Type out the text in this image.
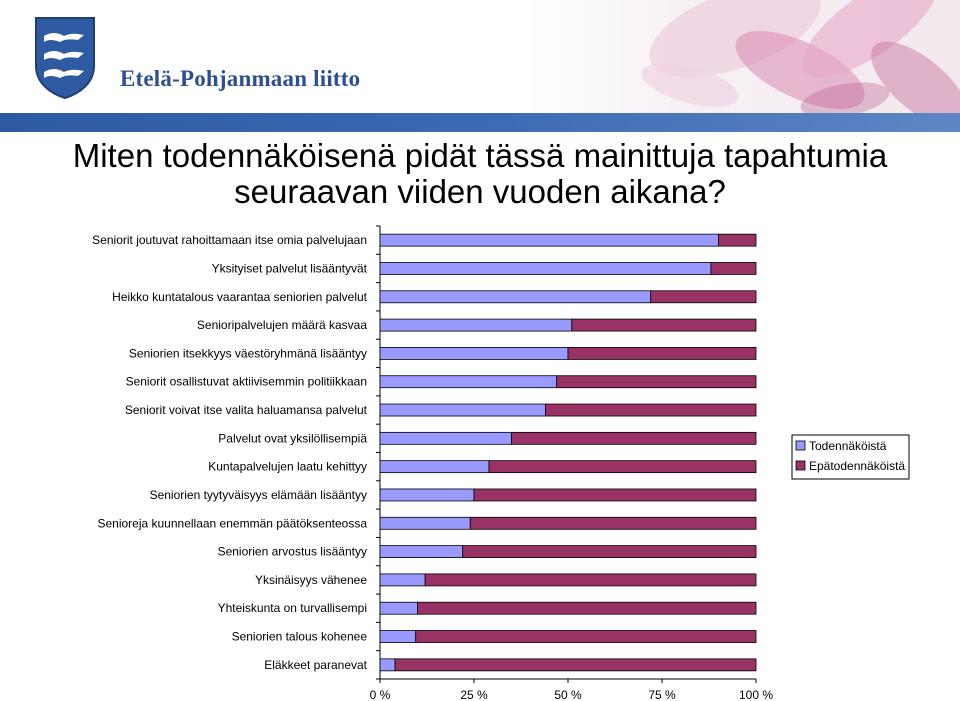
Etelä-Pohjanmaan liitto
Miten todennäköisenä pidät tässä mainittuja tapahtumia
seuraavan viiden vuoden aikana?
Seniorit joutuvat rahoittamaan itse omia palvelujaan
Yksityiset palvelut lisääntyvät
Heikko kuntatalous vaarantaa seniorien palvelut
Senioripalvelujen määrä kasvaa
Seniorien itsekkyys väestöryhmänä lisääntyy
Seniorit osallistuvat aktiivisemmin politiikkaan
Seniorit voivat itse valita haluamansa palvelut
Palvelut ovat yksilöllisempiä
Kuntapalvelujen laatu kehittyy
Seniorien tyytyväisyys elämään lisääntyy
Senioreja kuunnellaan enemmän päätöksenteossa
Seniorien arvostus lisääntyy
Yksinäisyys vähenee
Yhteiskunta on turvallisempi
Seniorien talous kohenee
Eläkkeet paranevat
0 %	25 %	50 %	75 %	100 %
Todennäköistä
Epätodennäköistä
